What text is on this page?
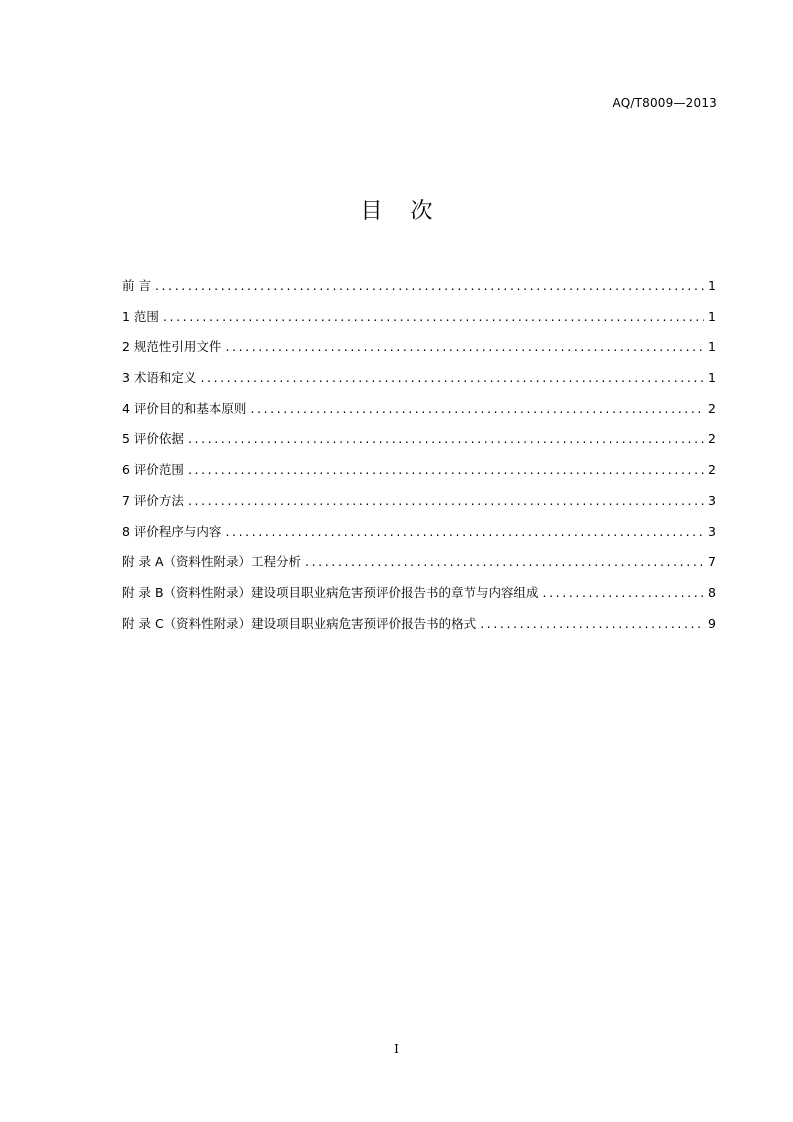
AQ/T8009—2013
目次
前 言 .....	1
1 范围 .....	1
2 规范性引用文件 .....	1
3 术语和定义 .....	1
4 评价目的和基本原则 .....	2
5 评价依据 .....	2
6 评价范围 .....	2
7 评价方法 .....	3
8 评价程序与内容 .....	3
附 录 A（资料性附录）工程分析 .....	7
附 录 B（资料性附录）建设项目职业病危害预评价报告书的章节与内容组成 .....	8
附 录 C（资料性附录）建设项目职业病危害预评价报告书的格式 .....	9
I
